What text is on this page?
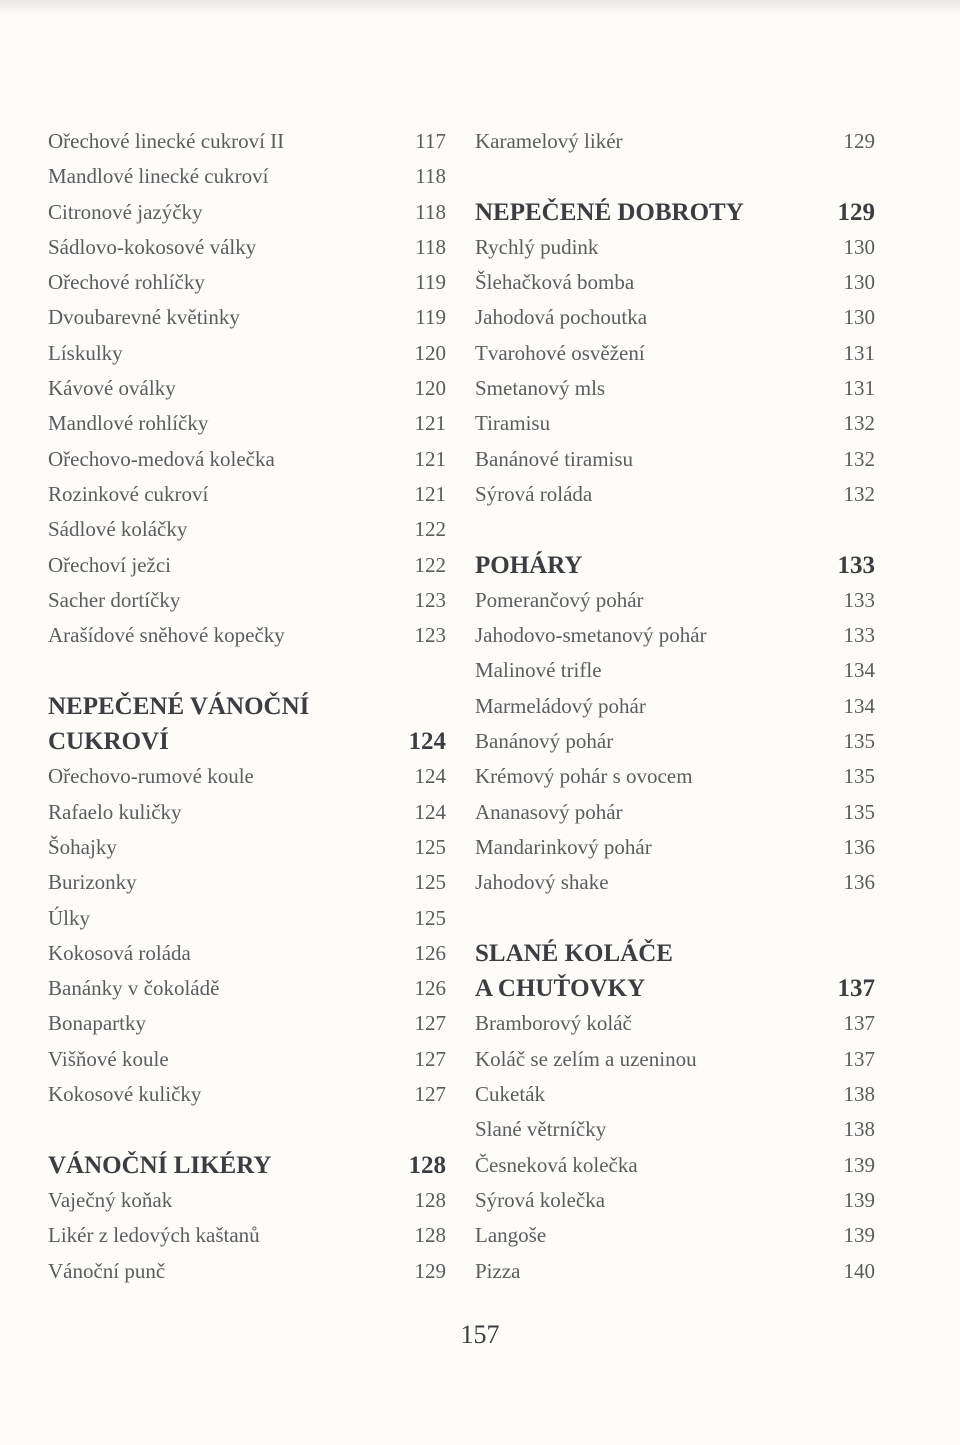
Ořechové linecké cukroví II	117
Mandlové linecké cukroví	118
Citronové jazýčky	118
Sádlovo-kokosové války	118
Ořechové rohlíčky	119
Dvoubarevné květinky	119
Lískulky	120
Kávové oválky	120
Mandlové rohlíčky	121
Ořechovo-medová kolečka	121
Rozinkové cukroví	121
Sádlové koláčky	122
Ořechoví ježci	122
Sacher dortíčky	123
Arašídové sněhové kopečky	123
NEPEČENÉ VÁNOČNÍ
CUKROVÍ	124
Ořechovo-rumové koule	124
Rafaelo kuličky	124
Šohajky	125
Burizonky	125
Úlky	125
Kokosová roláda	126
Banánky v čokoládě	126
Bonapartky	127
Višňové koule	127
Kokosové kuličky	127
VÁNOČNÍ LIKÉRY	128
Vaječný koňak	128
Likér z ledových kaštanů	128
Vánoční punč	129
Karamelový likér	129
NEPEČENÉ DOBROTY	129
Rychlý pudink	130
Šlehačková bomba	130
Jahodová pochoutka	130
Tvarohové osvěžení	131
Smetanový mls	131
Tiramisu	132
Banánové tiramisu	132
Sýrová roláda	132
POHÁRY	133
Pomerančový pohár	133
Jahodovo-smetanový pohár	133
Malinové trifle	134
Marmeládový pohár	134
Banánový pohár	135
Krémový pohár s ovocem	135
Ananasový pohár	135
Mandarinkový pohár	136
Jahodový shake	136
SLANÉ KOLÁČE
A CHUŤOVKY	137
Bramborový koláč	137
Koláč se zelím a uzeninou	137
Cuketák	138
Slané větrníčky	138
Česneková kolečka	139
Sýrová kolečka	139
Langoše	139
Pizza	140
157
